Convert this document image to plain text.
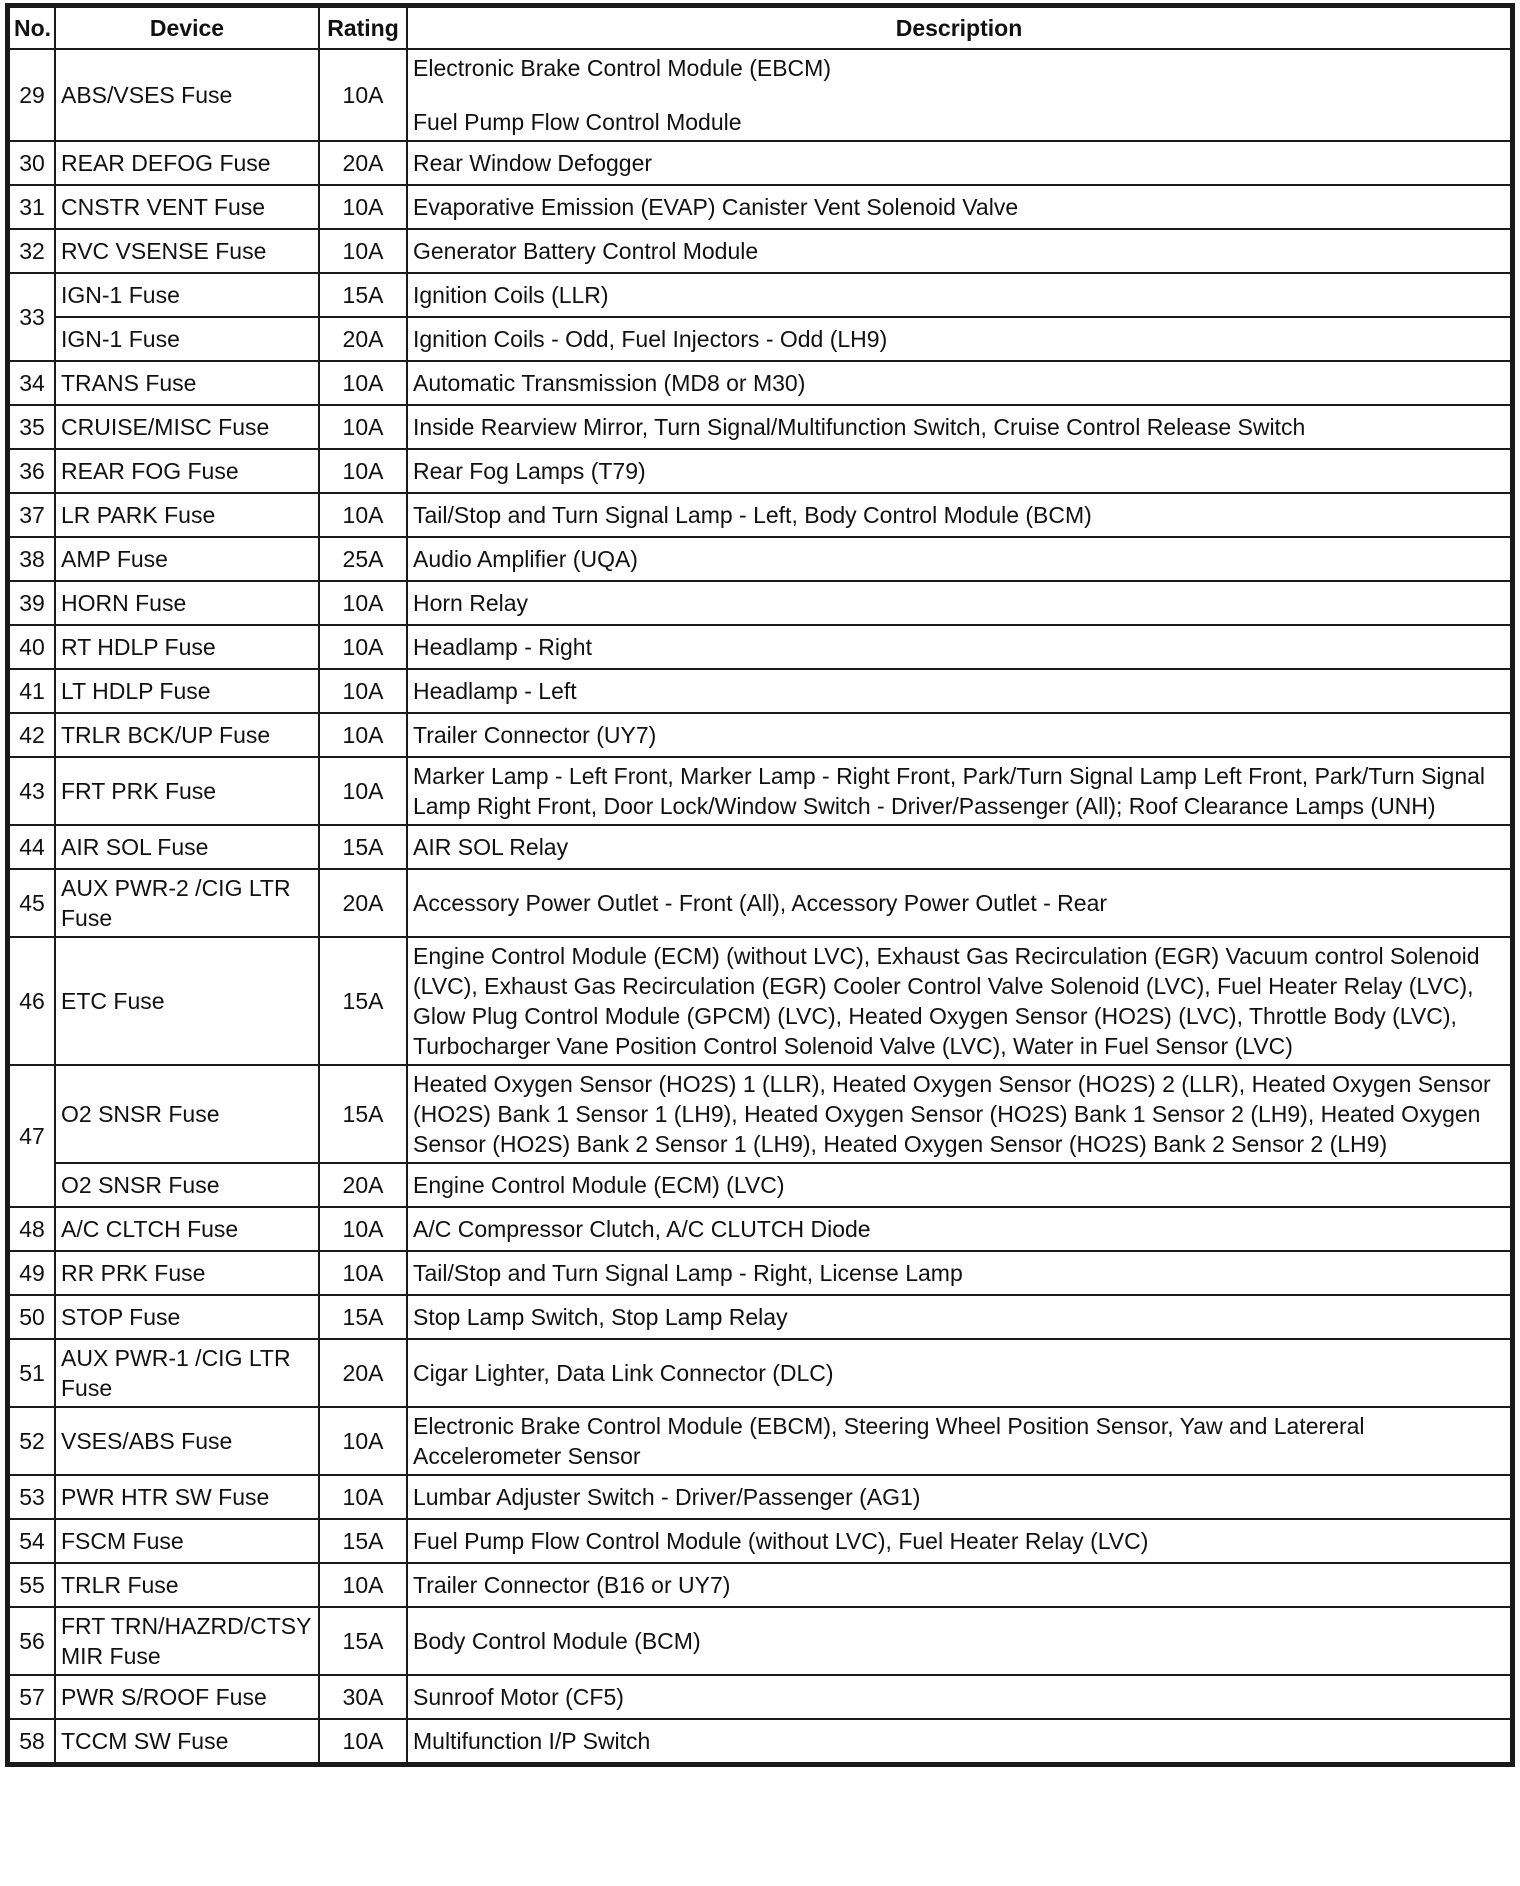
No.	Device	Rating	Description
29	ABS/VSES Fuse	10A	Electronic Brake Control Module (EBCM)
Fuel Pump Flow Control Module

30	REAR DEFOG Fuse	20A	Rear Window Defogger
31	CNSTR VENT Fuse	10A	Evaporative Emission (EVAP) Canister Vent Solenoid Valve
32	RVC VSENSE Fuse	10A	Generator Battery Control Module
33	IGN-1 Fuse	15A	Ignition Coils (LLR)
	IGN-1 Fuse	20A	Ignition Coils - Odd, Fuel Injectors - Odd (LH9)
34	TRANS Fuse	10A	Automatic Transmission (MD8 or M30)
35	CRUISE/MISC Fuse	10A	Inside Rearview Mirror, Turn Signal/Multifunction Switch, Cruise Control Release Switch
36	REAR FOG Fuse	10A	Rear Fog Lamps (T79)
37	LR PARK Fuse	10A	Tail/Stop and Turn Signal Lamp - Left, Body Control Module (BCM)
38	AMP Fuse	25A	Audio Amplifier (UQA)
39	HORN Fuse	10A	Horn Relay
40	RT HDLP Fuse	10A	Headlamp - Right
41	LT HDLP Fuse	10A	Headlamp - Left
42	TRLR BCK/UP Fuse	10A	Trailer Connector (UY7)
43	FRT PRK Fuse	10A	Marker Lamp - Left Front, Marker Lamp - Right Front, Park/Turn Signal Lamp Left Front, Park/Turn Signal Lamp Right Front, Door Lock/Window Switch - Driver/Passenger (All); Roof Clearance Lamps (UNH)
44	AIR SOL Fuse	15A	AIR SOL Relay
45	AUX PWR-2 /CIG LTR Fuse	20A	Accessory Power Outlet - Front (All), Accessory Power Outlet - Rear
46	ETC Fuse	15A	Engine Control Module (ECM) (without LVC), Exhaust Gas Recirculation (EGR) Vacuum control Solenoid (LVC), Exhaust Gas Recirculation (EGR) Cooler Control Valve Solenoid (LVC), Fuel Heater Relay (LVC), Glow Plug Control Module (GPCM) (LVC), Heated Oxygen Sensor (HO2S) (LVC), Throttle Body (LVC), Turbocharger Vane Position Control Solenoid Valve (LVC), Water in Fuel Sensor (LVC)
47	O2 SNSR Fuse	15A	Heated Oxygen Sensor (HO2S) 1 (LLR), Heated Oxygen Sensor (HO2S) 2 (LLR), Heated Oxygen Sensor (HO2S) Bank 1 Sensor 1 (LH9), Heated Oxygen Sensor (HO2S) Bank 1 Sensor 2 (LH9), Heated Oxygen Sensor (HO2S) Bank 2 Sensor 1 (LH9), Heated Oxygen Sensor (HO2S) Bank 2 Sensor 2 (LH9)
	O2 SNSR Fuse	20A	Engine Control Module (ECM) (LVC)
48	A/C CLTCH Fuse	10A	A/C Compressor Clutch, A/C CLUTCH Diode
49	RR PRK Fuse	10A	Tail/Stop and Turn Signal Lamp - Right, License Lamp
50	STOP Fuse	15A	Stop Lamp Switch, Stop Lamp Relay
51	AUX PWR-1 /CIG LTR Fuse	20A	Cigar Lighter, Data Link Connector (DLC)
52	VSES/ABS Fuse	10A	Electronic Brake Control Module (EBCM), Steering Wheel Position Sensor, Yaw and Latereral Accelerometer Sensor
53	PWR HTR SW Fuse	10A	Lumbar Adjuster Switch - Driver/Passenger (AG1)
54	FSCM Fuse	15A	Fuel Pump Flow Control Module (without LVC), Fuel Heater Relay (LVC)
55	TRLR Fuse	10A	Trailer Connector (B16 or UY7)
56	FRT TRN/HAZRD/CTSY MIR Fuse	15A	Body Control Module (BCM)
57	PWR S/ROOF Fuse	30A	Sunroof Motor (CF5)
58	TCCM SW Fuse	10A	Multifunction I/P Switch
